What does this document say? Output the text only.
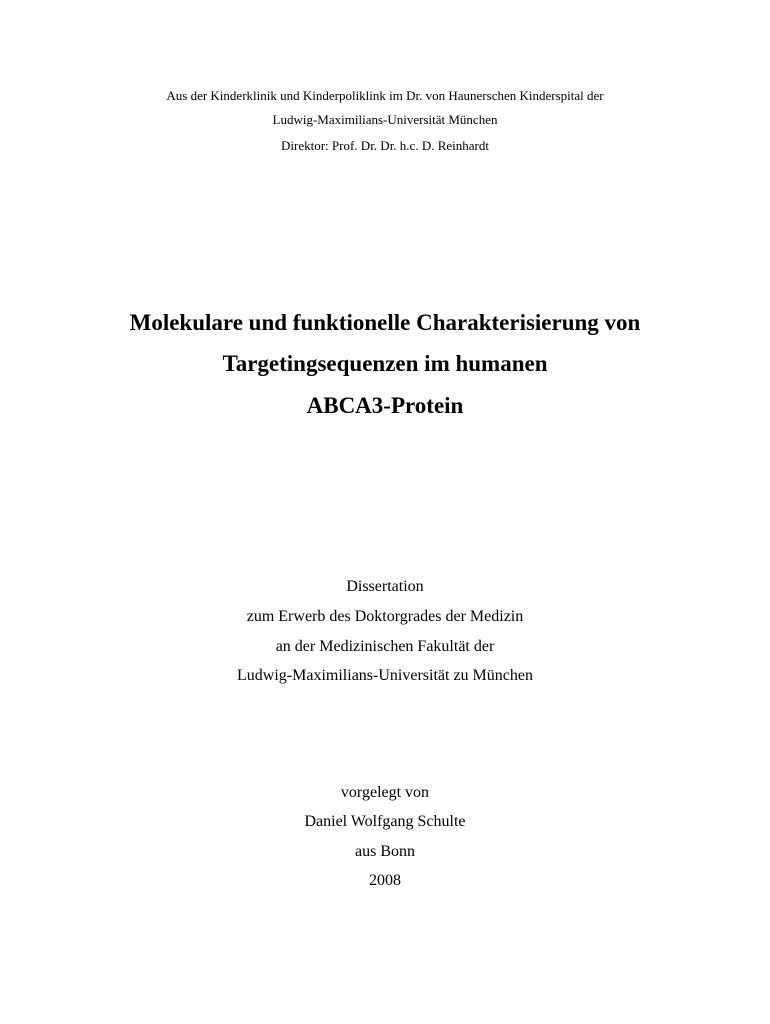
Aus der Kinderklinik und Kinderpoliklink im Dr. von Haunerschen Kinderspital der
Ludwig-Maximilians-Universität München
Direktor: Prof. Dr. Dr. h.c. D. Reinhardt
Molekulare und funktionelle Charakterisierung von
Targetingsequenzen im humanen
ABCA3-Protein
Dissertation
zum Erwerb des Doktorgrades der Medizin
an der Medizinischen Fakultät der
Ludwig-Maximilians-Universität zu München
vorgelegt von
Daniel Wolfgang Schulte
aus Bonn
2008
